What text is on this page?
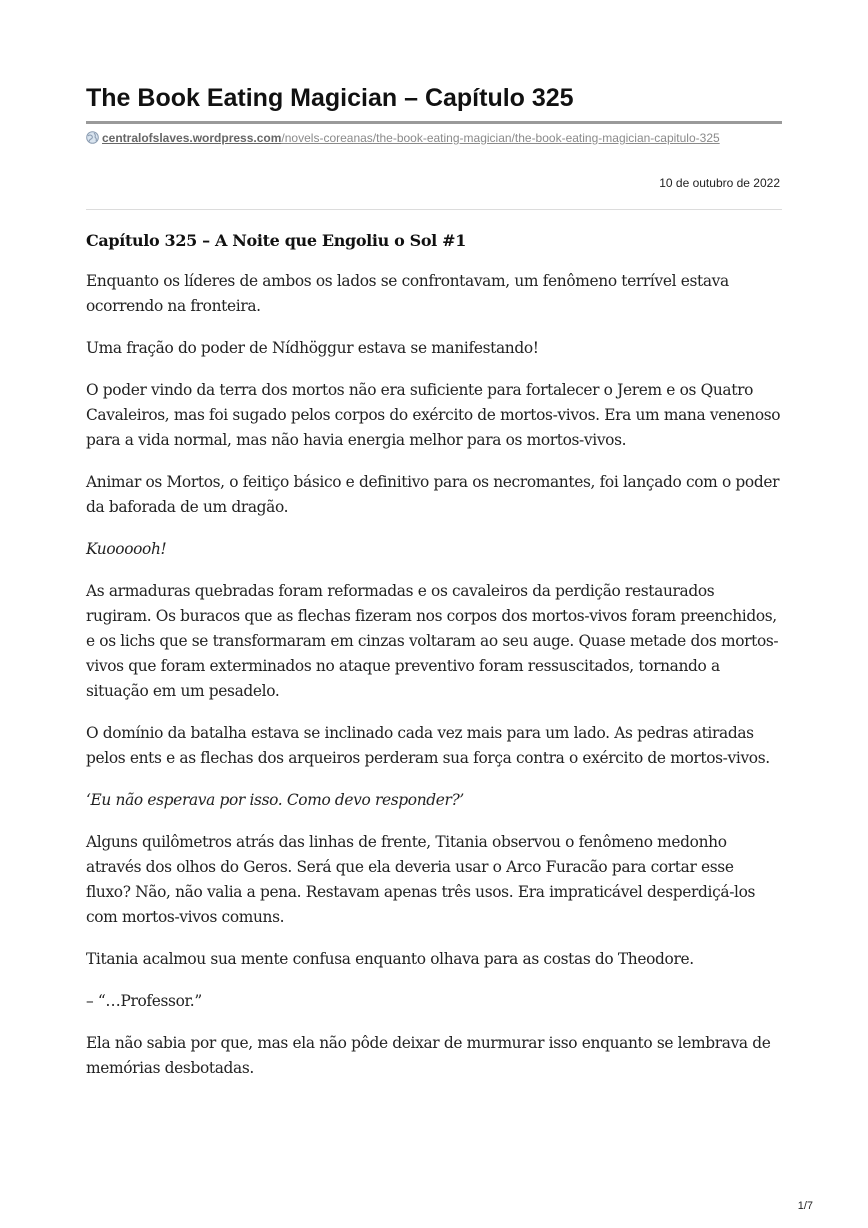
The Book Eating Magician – Capítulo 325
centralofslaves.wordpress.com/novels-coreanas/the-book-eating-magician/the-book-eating-magician-capitulo-325
10 de outubro de 2022
Capítulo 325 – A Noite que Engoliu o Sol #1

Enquanto os líderes de ambos os lados se confrontavam, um fenômeno terrível estava ocorrendo na fronteira.

Uma fração do poder de Nídhöggur estava se manifestando!

O poder vindo da terra dos mortos não era suficiente para fortalecer o Jerem e os Quatro Cavaleiros, mas foi sugado pelos corpos do exército de mortos-vivos. Era um mana venenoso para a vida normal, mas não havia energia melhor para os mortos-vivos.

Animar os Mortos, o feitiço básico e definitivo para os necromantes, foi lançado com o poder da baforada de um dragão.

Kuoooooh!

As armaduras quebradas foram reformadas e os cavaleiros da perdição restaurados rugiram. Os buracos que as flechas fizeram nos corpos dos mortos-vivos foram preenchidos, e os lichs que se transformaram em cinzas voltaram ao seu auge. Quase metade dos mortos-vivos que foram exterminados no ataque preventivo foram ressuscitados, tornando a situação em um pesadelo.

O domínio da batalha estava se inclinado cada vez mais para um lado. As pedras atiradas pelos ents e as flechas dos arqueiros perderam sua força contra o exército de mortos-vivos.

‘Eu não esperava por isso. Como devo responder?’

Alguns quilômetros atrás das linhas de frente, Titania observou o fenômeno medonho através dos olhos do Geros. Será que ela deveria usar o Arco Furacão para cortar esse fluxo? Não, não valia a pena. Restavam apenas três usos. Era impraticável desperdiçá-los com mortos-vivos comuns.

Titania acalmou sua mente confusa enquanto olhava para as costas do Theodore.

– “…Professor.”

Ela não sabia por que, mas ela não pôde deixar de murmurar isso enquanto se lembrava de memórias desbotadas.

1/7
